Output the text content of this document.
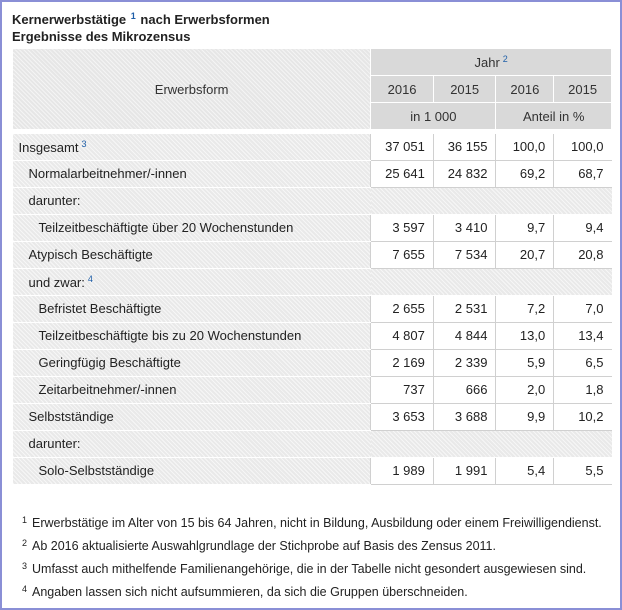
Kernerwerbstätige $^1$ nach Erwerbsformen
Ergebnisse des Mikrozensus
Erwerbsform	Jahr $^2$
	2016	2015	2016	2015
	in 1 000		Anteil in %	

Insgesamt $^3$	37 051	36 155	100,0	100,0
Normalarbeitnehmer/-innen	25 641	24 832	69,2	68,7
darunter:				
Teilzeitbeschäftigte über 20 Wochenstunden	3 597	3 410	9,7	9,4
Atypisch Beschäftigte	7 655	7 534	20,7	20,8
und zwar: $^4$	
Befristet Beschäftigte	2 655	2 531	7,2	7,0
Teilzeitbeschäftigte bis zu 20 Wochenstunden	4 807	4 844	13,0	13,4
Geringfügig Beschäftigte	2 169	2 339	5,9	6,5
Zeitarbeitnehmer/-innen	737	666	2,0	1,8
Selbstständige	3 653	3 688	9,9	10,2
darunter:				
Solo-Selbstständige	1 989	1 991	5,4	5,5
$^1$ Erwerbstätige im Alter von 15 bis 64 Jahren, nicht in Bildung, Ausbildung oder einem Freiwilligendienst.
$^2$ Ab 2016 aktualisierte Auswahlgrundlage der Stichprobe auf Basis des Zensus 2011.
$^3$ Umfasst auch mithelfende Familienangehörige, die in der Tabelle nicht gesondert ausgewiesen sind.
$^4$ Angaben lassen sich nicht aufsummieren, da sich die Gruppen überschneiden.
